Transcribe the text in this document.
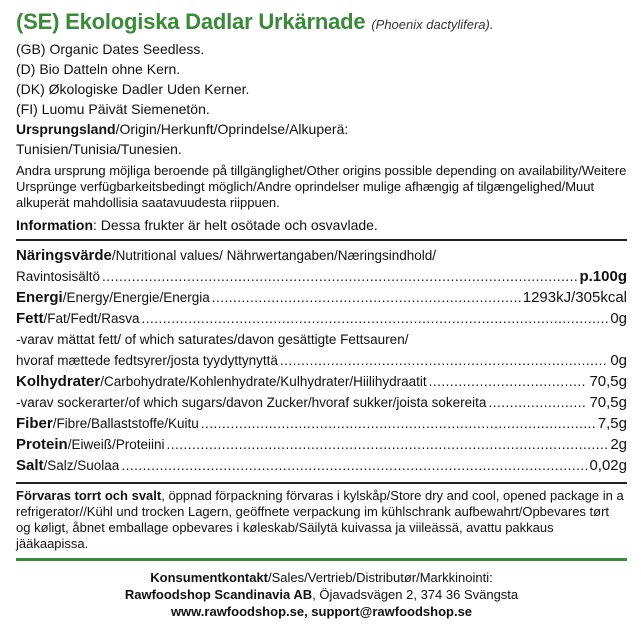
(SE) Ekologiska Dadlar Urkärnade (Phoenix dactylifera).
(GB) Organic Dates Seedless.
(D) Bio Datteln ohne Kern.
(DK) Økologiske Dadler Uden Kerner.
(FI) Luomu Päivät Siemenetön.
Ursprungsland/Origin/Herkunft/Oprindelse/Alkuperä:
Tunisien/Tunisia/Tunesien.
Andra ursprung möjliga beroende på tillgänglighet/Other origins possible depending on availability/Weitere Ursprünge verfügbarkeitsbedingt möglich/Andre oprindelser mulige afhængig af tilgængelighed/Muut alkuperät mahdollisia saatavuudesta riippuen.
Information: Dessa frukter är helt osötade och osvavlade.
Näringsvärde/Nutritional values/ Nährwertangaben/Næringsindhold/
Ravintosisältö .....	p.100g
Energi/Energy/Energie/Energia .....	1293kJ/305kcal
Fett/Fat/Fedt/Rasva .....	0g
-varav mättat fett/ of which saturates/davon gesättigte Fettsauren/
hvoraf mættede fedtsyrer/josta tyydyttynyttä .....	0g
Kolhydrater/Carbohydrate/Kohlenhydrate/Kulhydrater/Hiilihydraatit .....	70,5g
-varav sockerarter/of which sugars/davon Zucker/hvoraf sukker/joista sokereita .....	70,5g
Fiber/Fibre/Ballaststoffe/Kuitu .....	7,5g
Protein/Eiweiß/Proteiini .....	2g
Salt/Salz/Suolaa .....	0,02g
Förvaras torrt och svalt, öppnad förpackning förvaras i kylskåp/Store dry and cool, opened package in a refrigerator//Kühl und trocken Lagern, geöffnete verpackung im kühlschrank aufbewahrt/Opbevares tørt og køligt, åbnet emballage opbevares i køleskab/Säilytä kuivassa ja viileässä, avattu pakkaus jääkaapissa.
Konsumentkontakt/Sales/Vertrieb/Distributør/Markkinointi:
Rawfoodshop Scandinavia AB, Öjavadsvägen 2, 374 36 Svängsta
www.rawfoodshop.se, support@rawfoodshop.se
